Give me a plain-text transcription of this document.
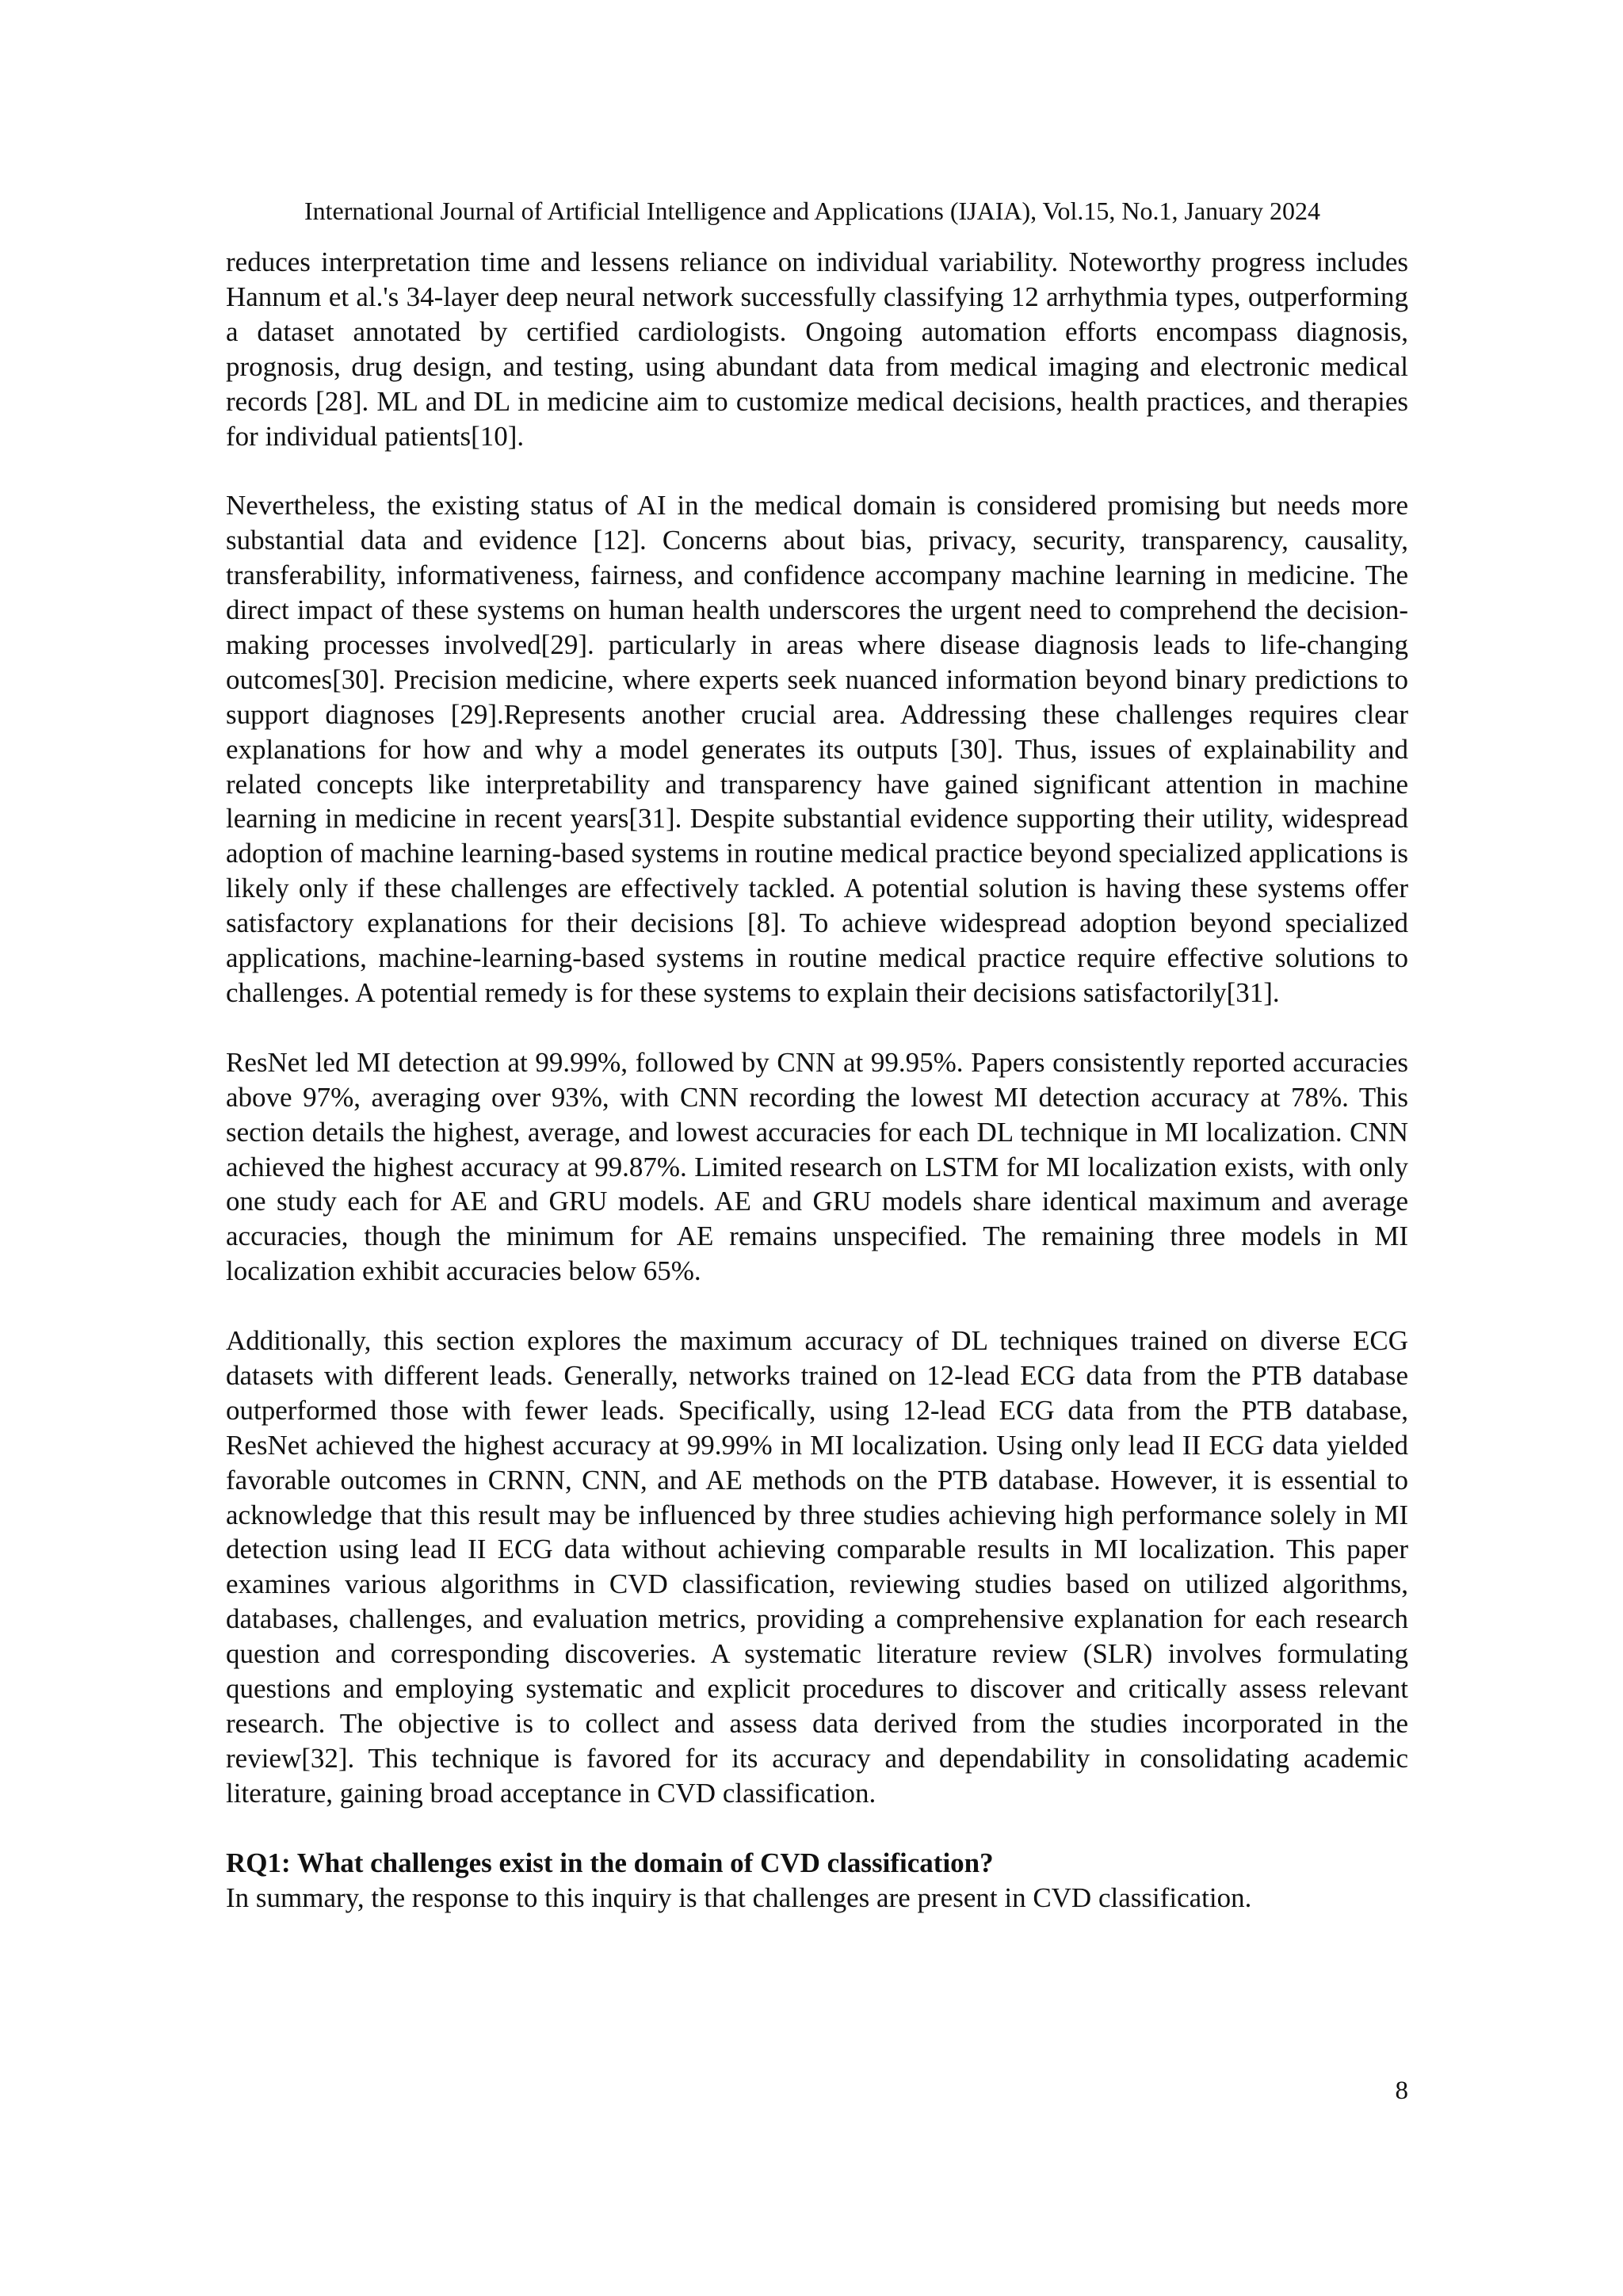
International Journal of Artificial Intelligence and Applications (IJAIA), Vol.15, No.1, January 2024

reduces interpretation time and lessens reliance on individual variability. Noteworthy progress includes Hannum et al.'s 34-layer deep neural network successfully classifying 12 arrhythmia types, outperforming a dataset annotated by certified cardiologists. Ongoing automation efforts encompass diagnosis, prognosis, drug design, and testing, using abundant data from medical imaging and electronic medical records [28]. ML and DL in medicine aim to customize medical decisions, health practices, and therapies for individual patients[10].

Nevertheless, the existing status of AI in the medical domain is considered promising but needs more substantial data and evidence [12]. Concerns about bias, privacy, security, transparency, causality, transferability, informativeness, fairness, and confidence accompany machine learning in medicine. The direct impact of these systems on human health underscores the urgent need to comprehend the decision-making processes involved[29]. particularly in areas where disease diagnosis leads to life-changing outcomes[30]. Precision medicine, where experts seek nuanced information beyond binary predictions to support diagnoses [29].Represents another crucial area. Addressing these challenges requires clear explanations for how and why a model generates its outputs [30]. Thus, issues of explainability and related concepts like interpretability and transparency have gained significant attention in machine learning in medicine in recent years[31]. Despite substantial evidence supporting their utility, widespread adoption of machine learning-based systems in routine medical practice beyond specialized applications is likely only if these challenges are effectively tackled. A potential solution is having these systems offer satisfactory explanations for their decisions [8]. To achieve widespread adoption beyond specialized applications, machine-learning-based systems in routine medical practice require effective solutions to challenges. A potential remedy is for these systems to explain their decisions satisfactorily[31].

ResNet led MI detection at 99.99%, followed by CNN at 99.95%. Papers consistently reported accuracies above 97%, averaging over 93%, with CNN recording the lowest MI detection accuracy at 78%. This section details the highest, average, and lowest accuracies for each DL technique in MI localization. CNN achieved the highest accuracy at 99.87%. Limited research on LSTM for MI localization exists, with only one study each for AE and GRU models. AE and GRU models share identical maximum and average accuracies, though the minimum for AE remains unspecified. The remaining three models in MI localization exhibit accuracies below 65%.

Additionally, this section explores the maximum accuracy of DL techniques trained on diverse ECG datasets with different leads. Generally, networks trained on 12-lead ECG data from the PTB database outperformed those with fewer leads. Specifically, using 12-lead ECG data from the PTB database, ResNet achieved the highest accuracy at 99.99% in MI localization. Using only lead II ECG data yielded favorable outcomes in CRNN, CNN, and AE methods on the PTB database. However, it is essential to acknowledge that this result may be influenced by three studies achieving high performance solely in MI detection using lead II ECG data without achieving comparable results in MI localization. This paper examines various algorithms in CVD classification, reviewing studies based on utilized algorithms, databases, challenges, and evaluation metrics, providing a comprehensive explanation for each research question and corresponding discoveries. A systematic literature review (SLR) involves formulating questions and employing systematic and explicit procedures to discover and critically assess relevant research. The objective is to collect and assess data derived from the studies incorporated in the review[32]. This technique is favored for its accuracy and dependability in consolidating academic literature, gaining broad acceptance in CVD classification.

RQ1: What challenges exist in the domain of CVD classification?

In summary, the response to this inquiry is that challenges are present in CVD classification.

8
